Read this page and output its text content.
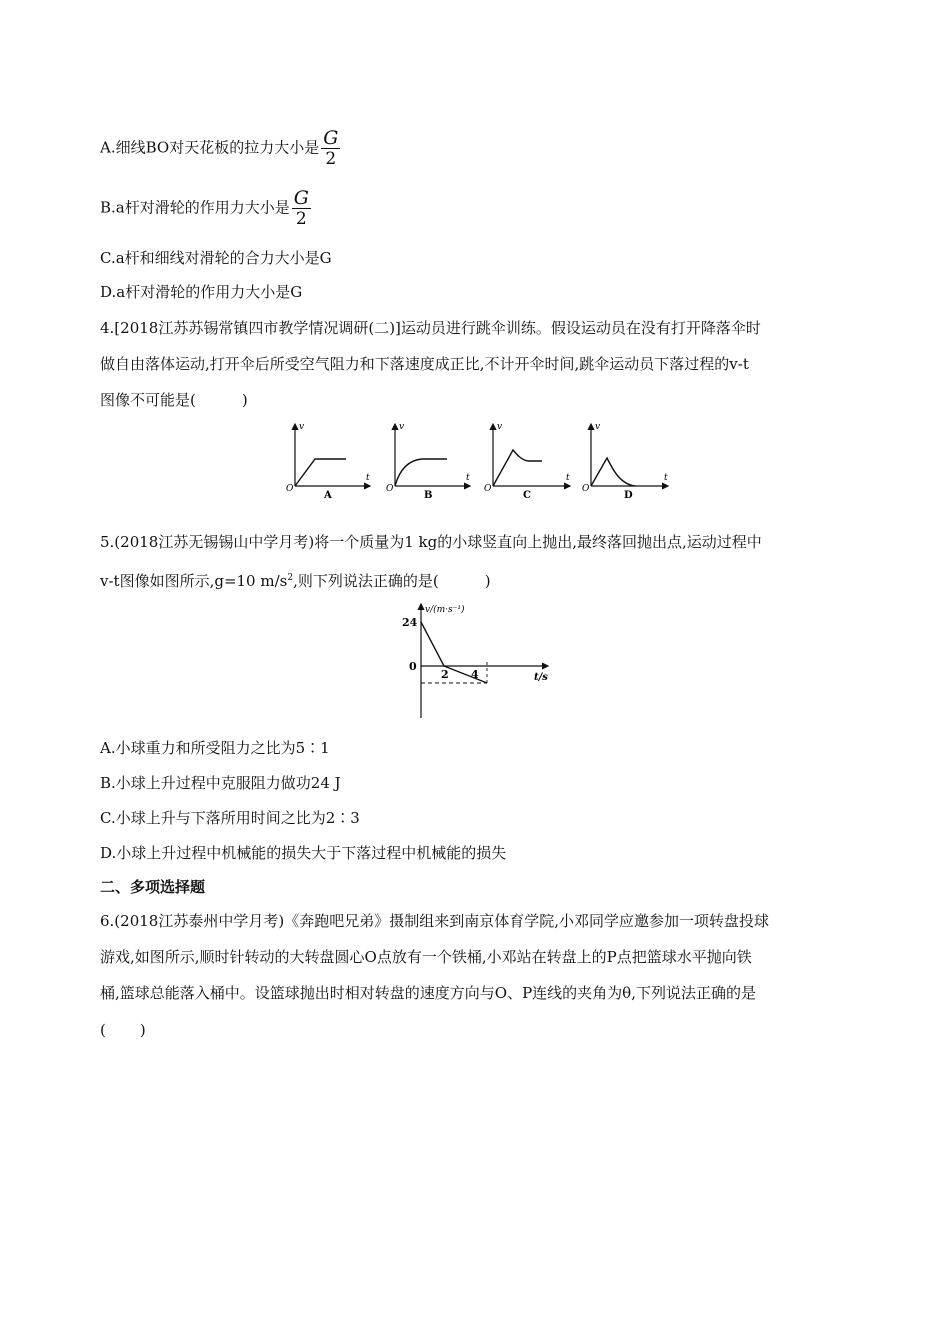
A.细线BO对天花板的拉力大小是 $\frac{G}{2}$
B.a杆对滑轮的作用力大小是 $\frac{G}{2}$
C.a杆和细线对滑轮的合力大小是G
D.a杆对滑轮的作用力大小是G
4.[2018江苏苏锡常镇四市教学情况调研(二)]运动员进行跳伞训练。假设运动员在没有打开降落伞时
做自由落体运动,打开伞后所受空气阻力和下落速度成正比,不计开伞时间,跳伞运动员下落过程的v-t
图像不可能是(	)
v
t
O
A
v
t
O
B
v
t
O
C
v
t
O
D
5.(2018江苏无锡锡山中学月考)将一个质量为1 kg的小球竖直向上抛出,最终落回抛出点,运动过程中
v-t图像如图所示,g=10 $m/s^2$,则下列说法正确的是(	)
v/(m·s⁻¹)
24
0
2 4	t/s
A.小球重力和所受阻力之比为5∶1
B.小球上升过程中克服阻力做功24 J
C.小球上升与下落所用时间之比为2∶3
D.小球上升过程中机械能的损失大于下落过程中机械能的损失
二、多项选择题
6.(2018江苏泰州中学月考)《奔跑吧兄弟》摄制组来到南京体育学院,小邓同学应邀参加一项转盘投球
游戏,如图所示,顺时针转动的大转盘圆心O点放有一个铁桶,小邓站在转盘上的P点把篮球水平抛向铁
桶,篮球总能落入桶中。设篮球抛出时相对转盘的速度方向与O、P连线的夹角为θ,下列说法正确的是
( )
